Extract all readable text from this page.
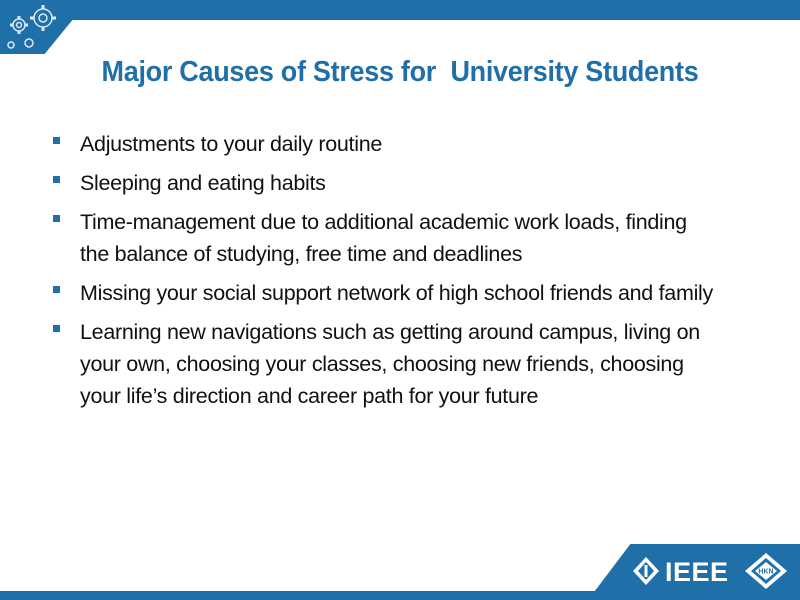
Major Causes of Stress for  University Students
Adjustments to your daily routine
Sleeping and eating habits
Time-management due to additional academic work loads, finding
the balance of studying, free time and deadlines
Missing your social support network of high school friends and family
Learning new navigations such as getting around campus, living on
your own, choosing your classes, choosing new friends, choosing
your life’s direction and career path for your future
IEEE	HKN
